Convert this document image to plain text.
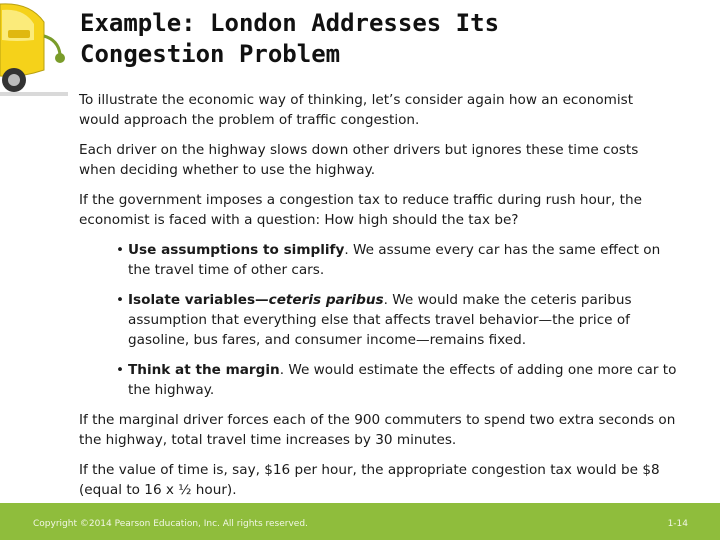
Example: London Addresses Its
Congestion Problem

To illustrate the economic way of thinking, let’s consider again how an economist
would approach the problem of traffic congestion.

Each driver on the highway slows down other drivers but ignores these time costs
when deciding whether to use the highway.

If the government imposes a congestion tax to reduce traffic during rush hour, the
economist is faced with a question: How high should the tax be?

• Use assumptions to simplify. We assume every car has the same effect on
the travel time of other cars.
• Isolate variables—ceteris paribus. We would make the ceteris paribus
assumption that everything else that affects travel behavior—the price of
gasoline, bus fares, and consumer income—remains fixed.
• Think at the margin. We would estimate the effects of adding one more car to
the highway.

If the marginal driver forces each of the 900 commuters to spend two extra seconds on
the highway, total travel time increases by 30 minutes.

If the value of time is, say, $16 per hour, the appropriate congestion tax would be $8
(equal to 16 x ½ hour).

Copyright ©2014 Pearson Education, Inc. All rights reserved.	1-14
